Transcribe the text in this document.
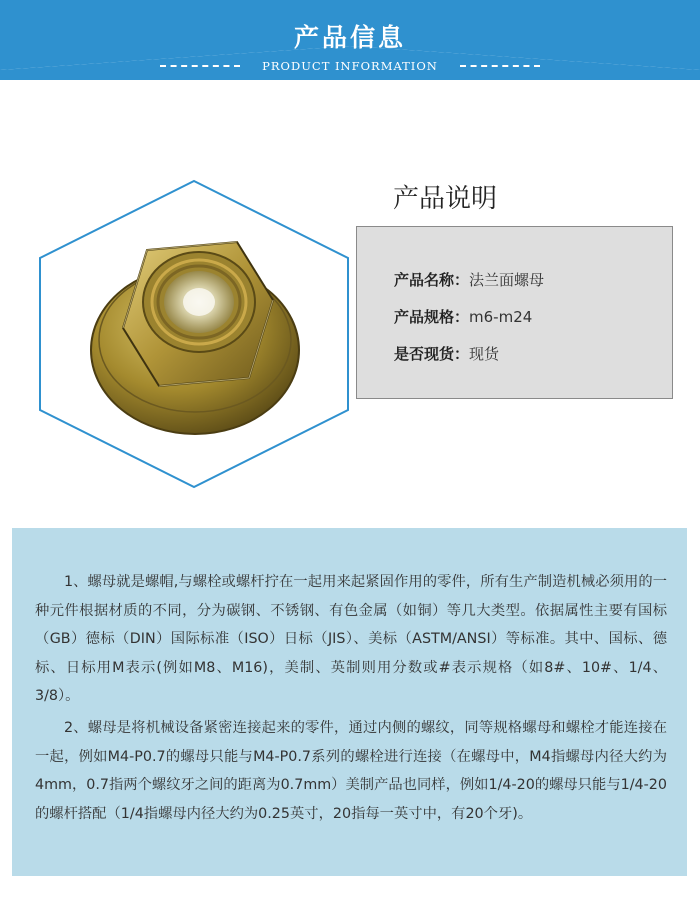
产品信息
PRODUCT INFORMATION
产品说明
产品名称：法兰面螺母
产品规格：m6-m24
是否现货：现货

1、螺母就是螺帽,与螺栓或螺杆拧在一起用来起紧固作用的零件，所有生产制造机械必须用的一种元件根据材质的不同，分为碳钢、不锈钢、有色金属（如铜）等几大类型。依据属性主要有国标（GB）德标（DIN）国际标准（ISO）日标（JIS）、美标（ASTM/ANSI）等标准。其中、国标、德标、日标用M表示(例如M8、M16)，美制、英制则用分数或#表示规格（如8#、10#、1/4、3/8）。

2、螺母是将机械设备紧密连接起来的零件，通过内侧的螺纹，同等规格螺母和螺栓才能连接在一起，例如M4-P0.7的螺母只能与M4-P0.7系列的螺栓进行连接（在螺母中，M4指螺母内径大约为4mm，0.7指两个螺纹牙之间的距离为0.7mm）美制产品也同样，例如1/4-20的螺母只能与1/4-20的螺杆搭配（1/4指螺母内径大约为0.25英寸，20指每一英寸中，有20个牙)。
